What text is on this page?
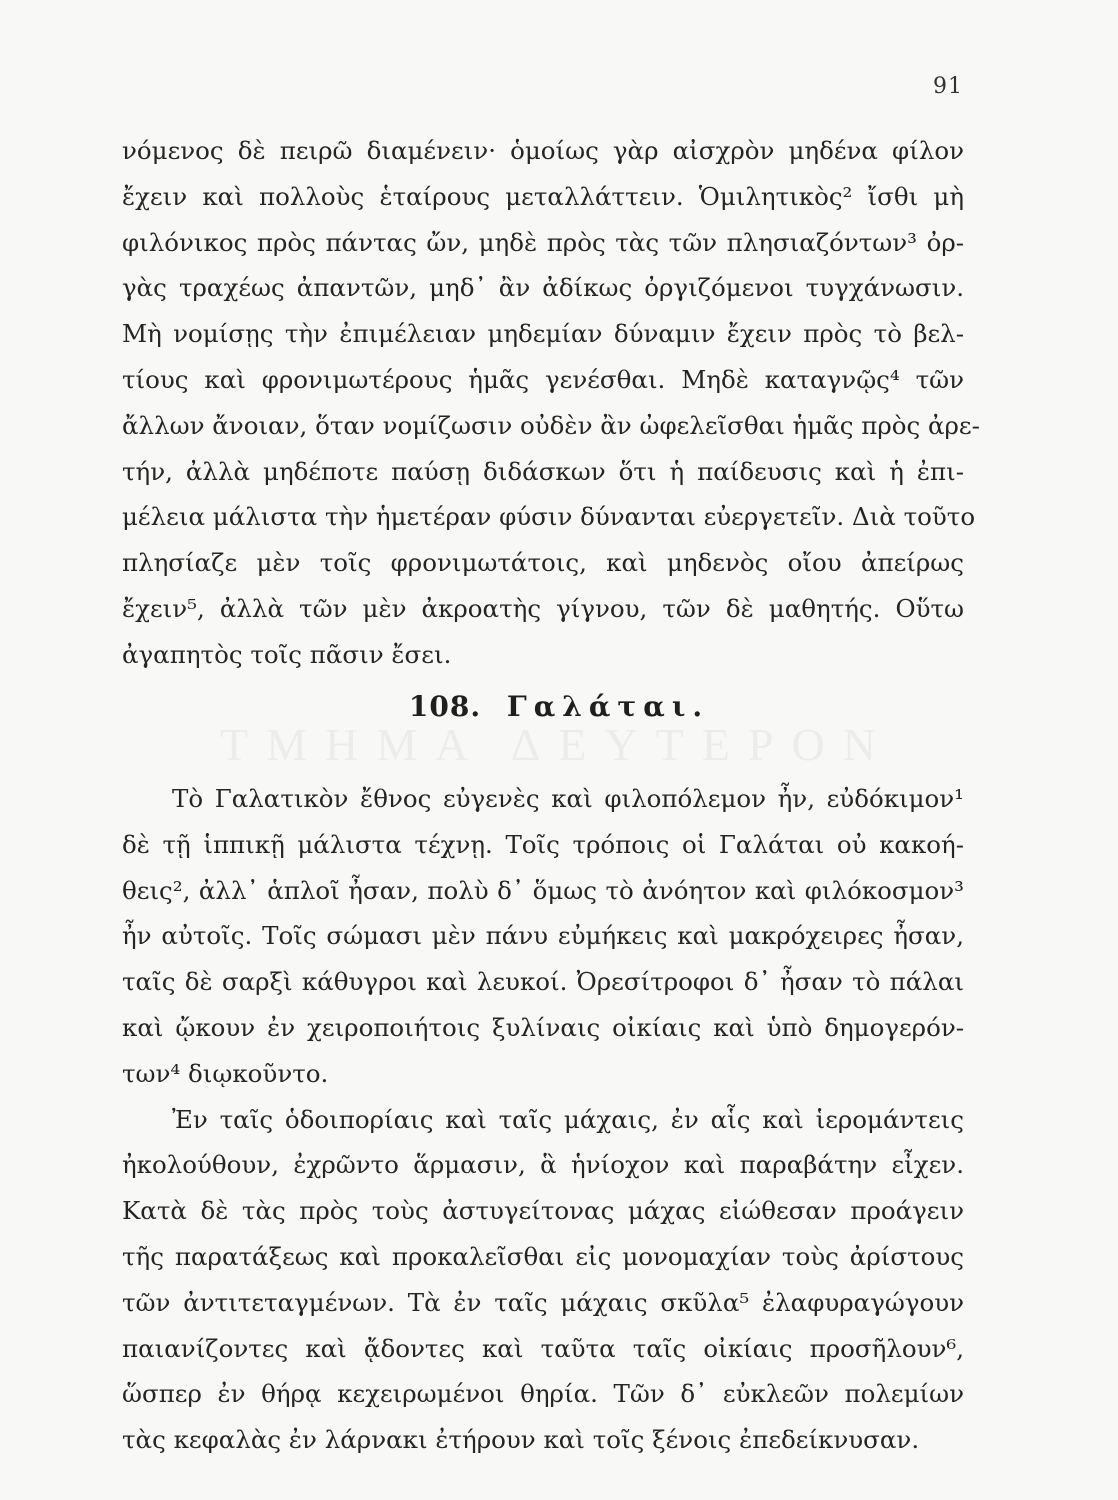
ΤΜΗΜΑ ΔΕΥΤΕΡΟΝ
91
νόμενος δὲ πειρῶ διαμένειν· ὁμοίως γὰρ αἰσχρὸν μηδένα φίλον
ἔχειν καὶ πολλοὺς ἑταίρους μεταλλάττειν. Ὁμιλητικὸς² ἴσθι μὴ
φιλόνικος πρὸς πάντας ὤν, μηδὲ πρὸς τὰς τῶν πλησιαζόντων³ ὀρ-
γὰς τραχέως ἀπαντῶν, μηδ᾽ ἂν ἀδίκως ὀργιζόμενοι τυγχάνωσιν.
Μὴ νομίσῃς τὴν ἐπιμέλειαν μηδεμίαν δύναμιν ἔχειν πρὸς τὸ βελ-
τίους καὶ φρονιμωτέρους ἡμᾶς γενέσθαι. Μηδὲ καταγνῷς⁴ τῶν
ἄλλων ἄνοιαν, ὅταν νομίζωσιν οὐδὲν ἂν ὠφελεῖσθαι ἡμᾶς πρὸς ἀρε-
τήν, ἀλλὰ μηδέποτε παύσῃ διδάσκων ὅτι ἡ παίδευσις καὶ ἡ ἐπι-
μέλεια μάλιστα τὴν ἡμετέραν φύσιν δύνανται εὐεργετεῖν. Διὰ τοῦτο
πλησίαζε μὲν τοῖς φρονιμωτάτοις, καὶ μηδενὸς οἴου ἀπείρως
ἔχειν⁵, ἀλλὰ τῶν μὲν ἀκροατὴς γίγνου, τῶν δὲ μαθητής. Οὕτω
ἀγαπητὸς τοῖς πᾶσιν ἔσει.
108. Γαλάται.
Τὸ Γαλατικὸν ἔθνος εὐγενὲς καὶ φιλοπόλεμον ἦν, εὐδόκιμον¹
δὲ τῇ ἱππικῇ μάλιστα τέχνῃ. Τοῖς τρόποις οἱ Γαλάται οὐ κακοή-
θεις², ἀλλ᾽ ἁπλοῖ ἦσαν, πολὺ δ᾽ ὅμως τὸ ἀνόητον καὶ φιλόκοσμον³
ἦν αὐτοῖς. Τοῖς σώμασι μὲν πάνυ εὐμήκεις καὶ μακρόχειρες ἦσαν,
ταῖς δὲ σαρξὶ κάθυγροι καὶ λευκοί. Ὀρεσίτροφοι δ᾽ ἦσαν τὸ πάλαι
καὶ ᾤκουν ἐν χειροποιήτοις ξυλίναις οἰκίαις καὶ ὑπὸ δημογερόν-
των⁴ διῳκοῦντο.
Ἐν ταῖς ὁδοιπορίαις καὶ ταῖς μάχαις, ἐν αἷς καὶ ἱερομάντεις
ἠκολούθουν, ἐχρῶντο ἅρμασιν, ἃ ἡνίοχον καὶ παραβάτην εἶχεν.
Κατὰ δὲ τὰς πρὸς τοὺς ἀστυγείτονας μάχας εἰώθεσαν προάγειν
τῆς παρατάξεως καὶ προκαλεῖσθαι εἰς μονομαχίαν τοὺς ἀρίστους
τῶν ἀντιτεταγμένων. Τὰ ἐν ταῖς μάχαις σκῦλα⁵ ἐλαφυραγώγουν
παιανίζοντες καὶ ᾄδοντες καὶ ταῦτα ταῖς οἰκίαις προσῆλουν⁶,
ὥσπερ ἐν θήρᾳ κεχειρωμένοι θηρία. Τῶν δ᾽ εὐκλεῶν πολεμίων
τὰς κεφαλὰς ἐν λάρνακι ἐτήρουν καὶ τοῖς ξένοις ἐπεδείκνυσαν.
